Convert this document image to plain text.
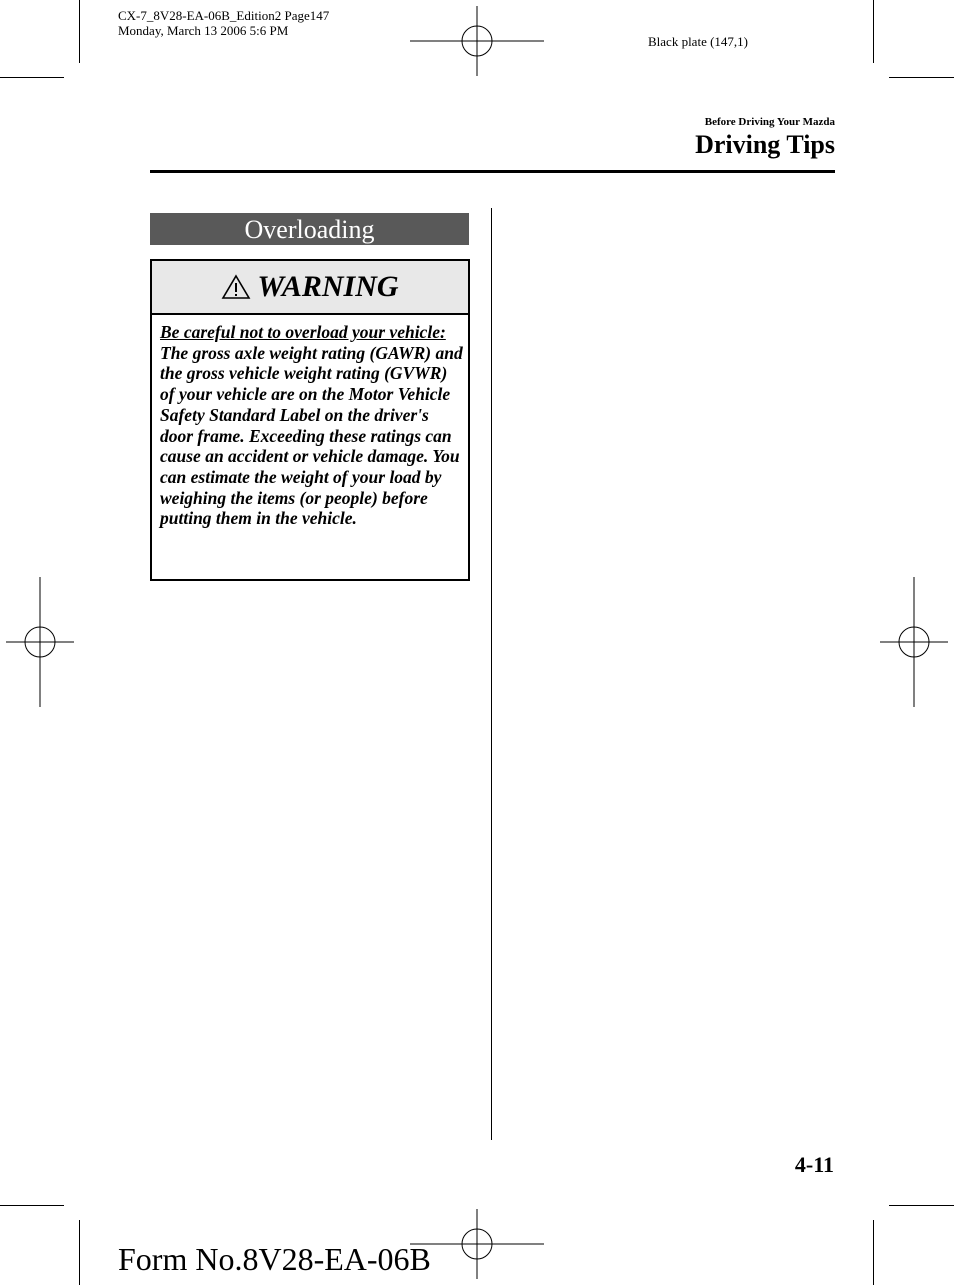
CX-7_8V28-EA-06B_Edition2 Page147
Monday, March 13 2006 5:6 PM
Black plate (147,1)
Before Driving Your Mazda
Driving Tips
Overloading
WARNING
Be careful not to overload your vehicle:
The gross axle weight rating (GAWR) and the gross vehicle weight rating (GVWR) of your vehicle are on the Motor Vehicle Safety Standard Label on the driver's door frame. Exceeding these ratings can cause an accident or vehicle damage. You can estimate the weight of your load by weighing the items (or people) before putting them in the vehicle.
4-11
Form No.8V28-EA-06B
